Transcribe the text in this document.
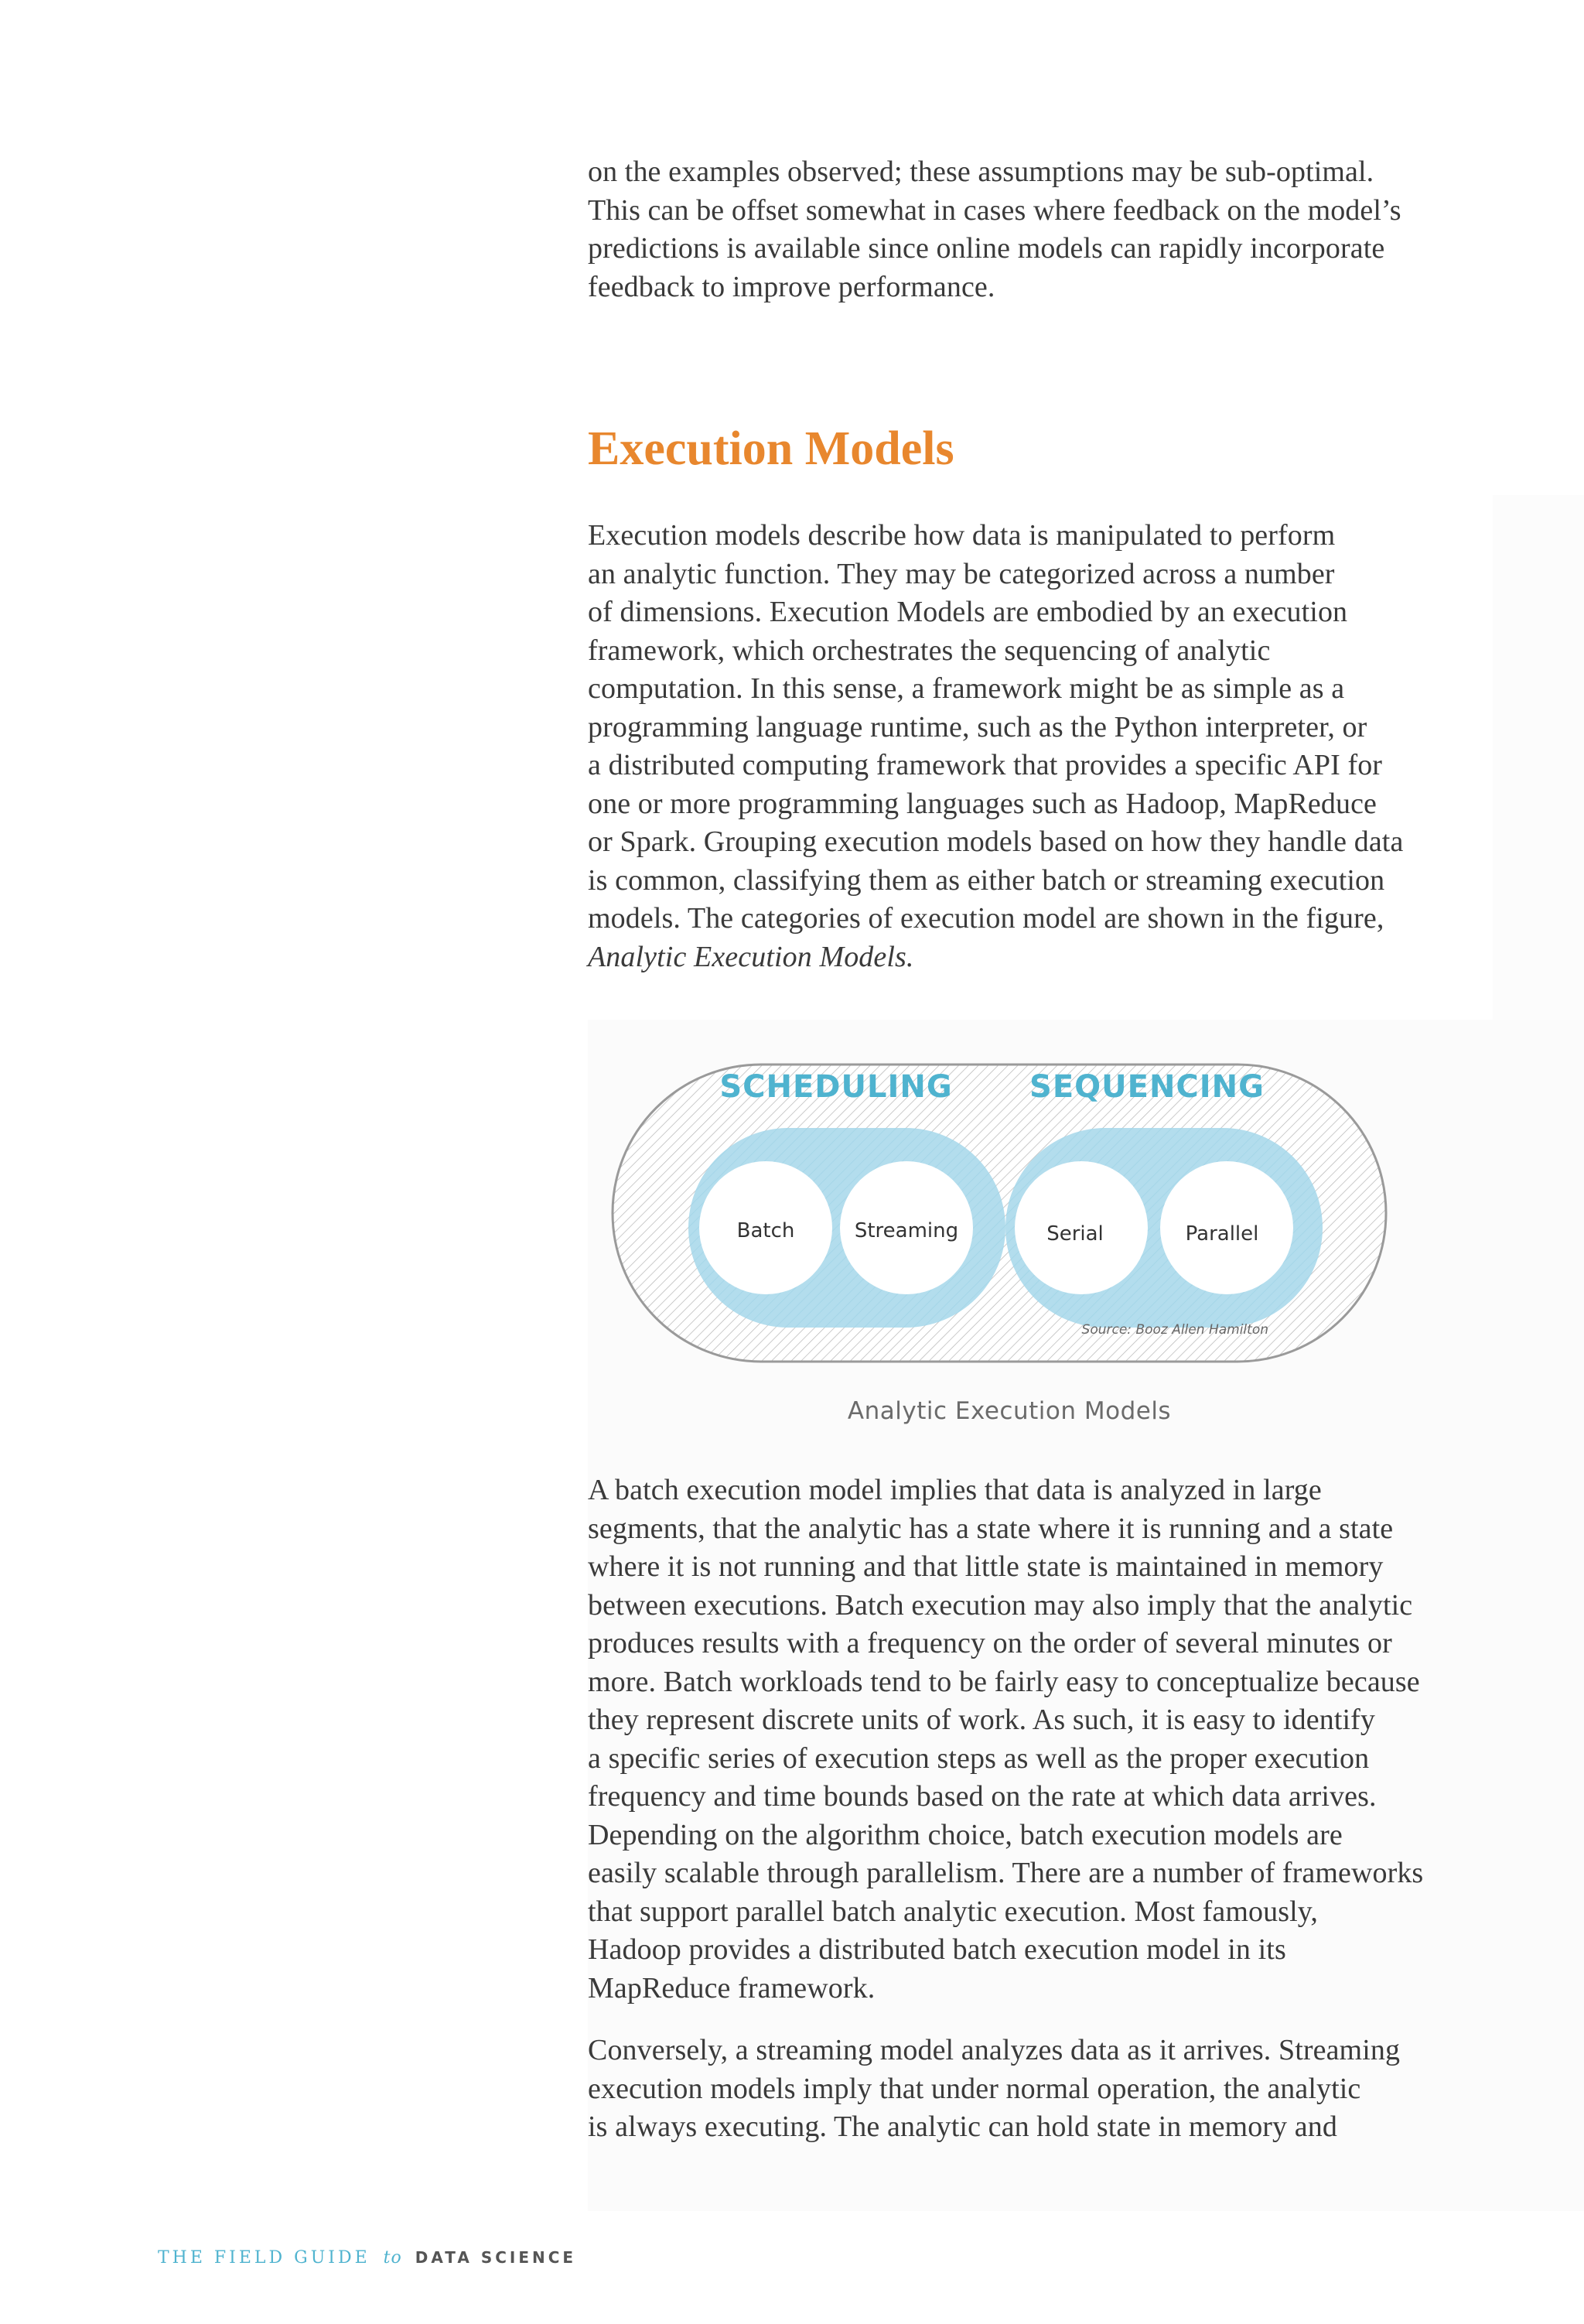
on the examples observed; these assumptions may be sub-optimal.
This can be offset somewhat in cases where feedback on the model’s
predictions is available since online models can rapidly incorporate
feedback to improve performance.
Execution Models
Execution models describe how data is manipulated to perform
an analytic function. They may be categorized across a number
of dimensions. Execution Models are embodied by an execution
framework, which orchestrates the sequencing of analytic
computation. In this sense, a framework might be as simple as a
programming language runtime, such as the Python interpreter, or
a distributed computing framework that provides a specific API for
one or more programming languages such as Hadoop, MapReduce
or Spark. Grouping execution models based on how they handle data
is common, classifying them as either batch or streaming execution
models. The categories of execution model are shown in the figure,
Analytic Execution Models.
SCHEDULING SEQUENCING
Batch	Streaming	Serial	Parallel
Source: Booz Allen Hamilton
Analytic Execution Models
A batch execution model implies that data is analyzed in large
segments, that the analytic has a state where it is running and a state
where it is not running and that little state is maintained in memory
between executions. Batch execution may also imply that the analytic
produces results with a frequency on the order of several minutes or
more. Batch workloads tend to be fairly easy to conceptualize because
they represent discrete units of work. As such, it is easy to identify
a specific series of execution steps as well as the proper execution
frequency and time bounds based on the rate at which data arrives.
Depending on the algorithm choice, batch execution models are
easily scalable through parallelism. There are a number of frameworks
that support parallel batch analytic execution. Most famously,
Hadoop provides a distributed batch execution model in its
MapReduce framework.
Conversely, a streaming model analyzes data as it arrives. Streaming
execution models imply that under normal operation, the analytic
is always executing. The analytic can hold state in memory and
THE FIELD GUIDE to DATA SCIENCE
